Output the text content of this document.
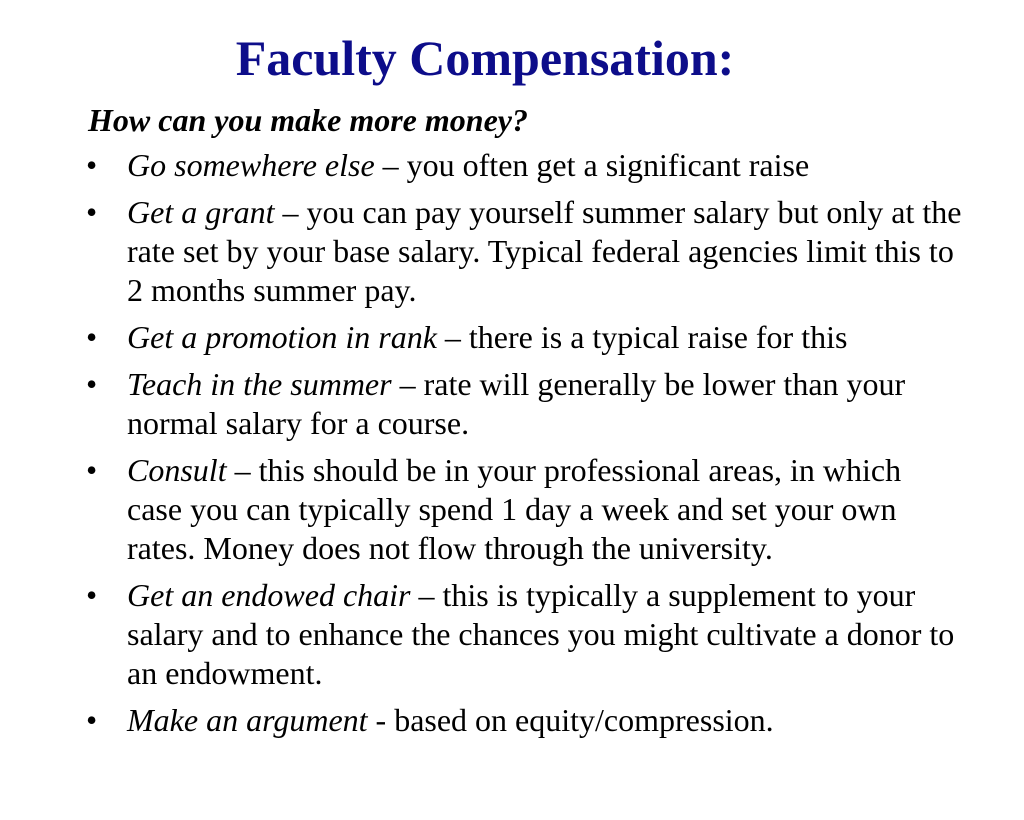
Faculty Compensation:
How can you make more money?
• Go somewhere else – you often get a significant raise
• Get a grant – you can pay yourself summer salary but only at the rate set by your base salary. Typical federal agencies limit this to 2 months summer pay.
• Get a promotion in rank – there is a typical raise for this
• Teach in the summer – rate will generally be lower than your normal salary for a course.
• Consult – this should be in your professional areas, in which case you can typically spend 1 day a week and set your own rates. Money does not flow through the university.
• Get an endowed chair – this is typically a supplement to your salary and to enhance the chances you might cultivate a donor to an endowment.
• Make an argument - based on equity/compression.
